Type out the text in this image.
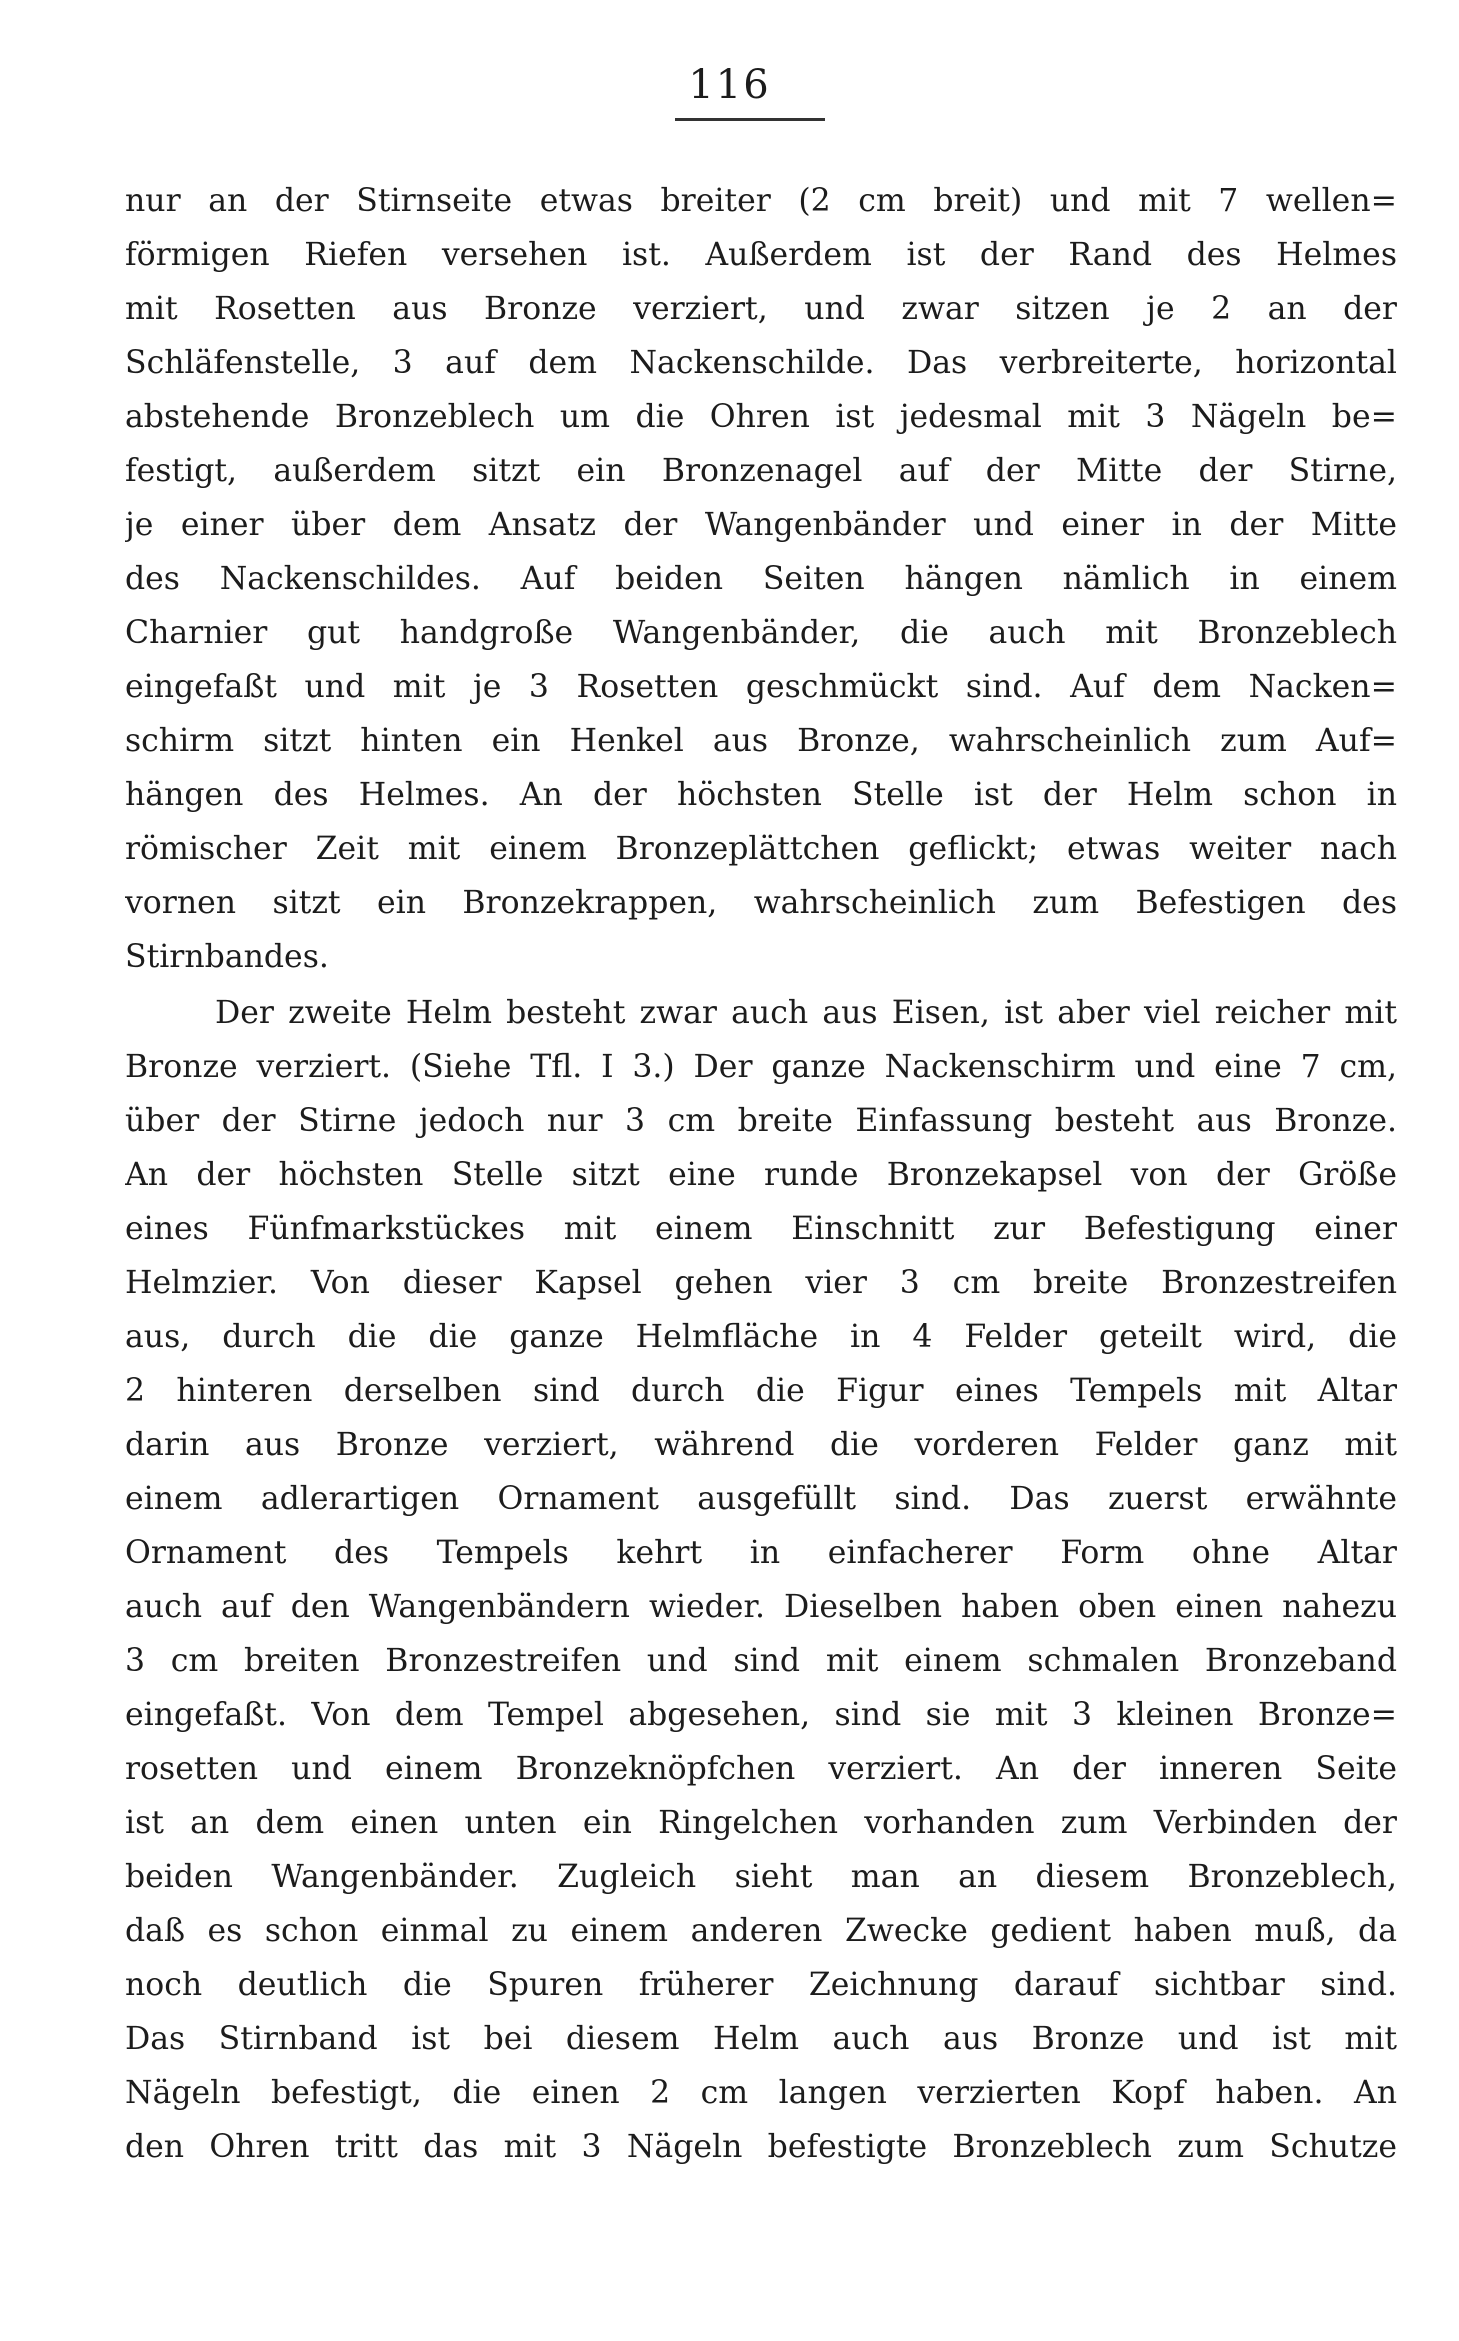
116
nur an der Stirnseite etwas breiter (2 cm breit) und mit 7 wellen=
förmigen Riefen versehen ist. Außerdem ist der Rand des Helmes
mit Rosetten aus Bronze verziert, und zwar sitzen je 2 an der
Schläfenstelle, 3 auf dem Nackenschilde. Das verbreiterte, horizontal
abstehende Bronzeblech um die Ohren ist jedesmal mit 3 Nägeln be=
festigt, außerdem sitzt ein Bronzenagel auf der Mitte der Stirne,
je einer über dem Ansatz der Wangenbänder und einer in der Mitte
des Nackenschildes. Auf beiden Seiten hängen nämlich in einem
Charnier gut handgroße Wangenbänder, die auch mit Bronzeblech
eingefaßt und mit je 3 Rosetten geschmückt sind. Auf dem Nacken=
schirm sitzt hinten ein Henkel aus Bronze, wahrscheinlich zum Auf=
hängen des Helmes. An der höchsten Stelle ist der Helm schon in
römischer Zeit mit einem Bronzeplättchen geflickt; etwas weiter nach
vornen sitzt ein Bronzekrappen, wahrscheinlich zum Befestigen des
Stirnbandes.
Der zweite Helm besteht zwar auch aus Eisen, ist aber viel reicher mit
Bronze verziert. (Siehe Tfl. I 3.) Der ganze Nackenschirm und eine 7 cm,
über der Stirne jedoch nur 3 cm breite Einfassung besteht aus Bronze.
An der höchsten Stelle sitzt eine runde Bronzekapsel von der Größe
eines Fünfmarkstückes mit einem Einschnitt zur Befestigung einer
Helmzier. Von dieser Kapsel gehen vier 3 cm breite Bronzestreifen
aus, durch die die ganze Helmfläche in 4 Felder geteilt wird, die
2 hinteren derselben sind durch die Figur eines Tempels mit Altar
darin aus Bronze verziert, während die vorderen Felder ganz mit
einem adlerartigen Ornament ausgefüllt sind. Das zuerst erwähnte
Ornament des Tempels kehrt in einfacherer Form ohne Altar
auch auf den Wangenbändern wieder. Dieselben haben oben einen nahezu
3 cm breiten Bronzestreifen und sind mit einem schmalen Bronzeband
eingefaßt. Von dem Tempel abgesehen, sind sie mit 3 kleinen Bronze=
rosetten und einem Bronzeknöpfchen verziert. An der inneren Seite
ist an dem einen unten ein Ringelchen vorhanden zum Verbinden der
beiden Wangenbänder. Zugleich sieht man an diesem Bronzeblech,
daß es schon einmal zu einem anderen Zwecke gedient haben muß, da
noch deutlich die Spuren früherer Zeichnung darauf sichtbar sind.
Das Stirnband ist bei diesem Helm auch aus Bronze und ist mit
Nägeln befestigt, die einen 2 cm langen verzierten Kopf haben. An
den Ohren tritt das mit 3 Nägeln befestigte Bronzeblech zum Schutze
